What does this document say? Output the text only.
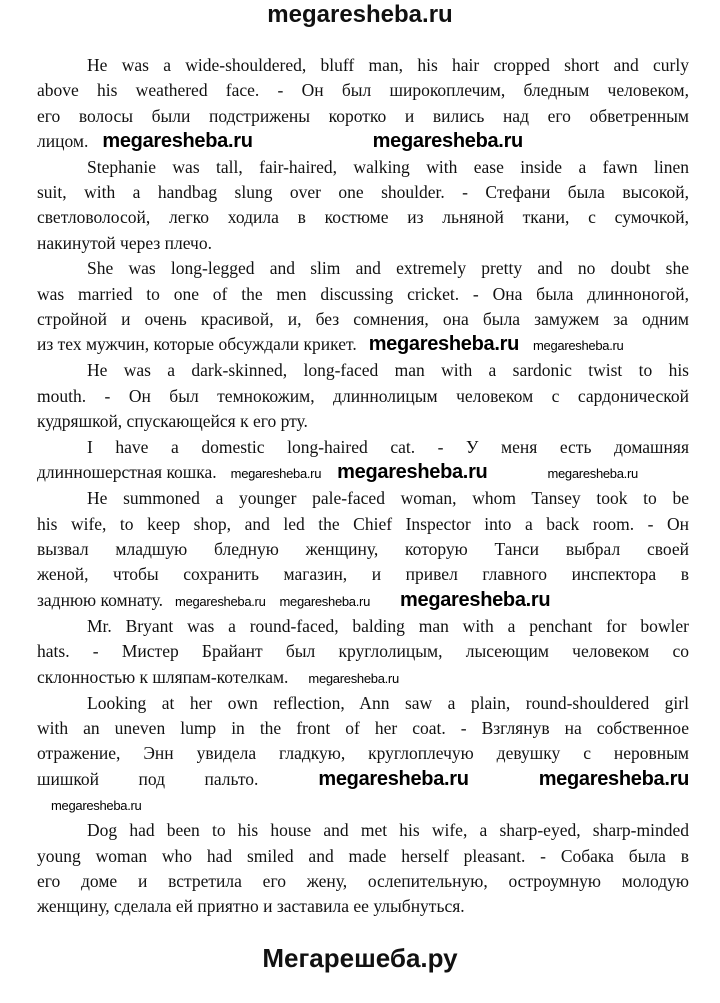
megaresheba.ru
He was a wide-shouldered, bluff man, his hair cropped short and curly
above his weathered face. - Он был широкоплечим, бледным человеком,
его волосы были подстрижены коротко и вились над его обветренным
лицом. megaresheba.ru	megaresheba.ru
Stephanie was tall, fair-haired, walking with ease inside a fawn linen
suit, with a handbag slung over one shoulder. - Стефани была высокой,
светловолосой, легко ходила в костюме из льняной ткани, с сумочкой,
накинутой через плечо.
She was long-legged and slim and extremely pretty and no doubt she
was married to one of the men discussing cricket. - Она была длинноногой,
стройной и очень красивой, и, без сомнения, она была замужем за одним
из тех мужчин, которые обсуждали крикет. megaresheba.ru megaresheba.ru
He was a dark-skinned, long-faced man with a sardonic twist to his
mouth. - Он был темнокожим, длиннолицым человеком с сардонической
кудряшкой, спускающейся к его рту.
I have a domestic long-haired cat. - У меня есть домашняя
длинношерстная кошка. megaresheba.ru megaresheba.ru	megaresheba.ru
He summoned a younger pale-faced woman, whom Tansey took to be
his wife, to keep shop, and led the Chief Inspector into a back room. - Он
вызвал младшую бледную женщину, которую Танси выбрал своей
женой, чтобы сохранить магазин, и привел главного инспектора в
заднюю комнату. megaresheba.ru megaresheba.ru megaresheba.ru
Mr. Bryant was a round-faced, balding man with a penchant for bowler
hats. - Мистер Брайант был круглолицым, лысеющим человеком со
склонностью к шляпам-котелкам. megaresheba.ru
Looking at her own reflection, Ann saw a plain, round-shouldered girl
with an uneven lump in the front of her coat. - Взглянув на собственное
отражение, Энн увидела гладкую, круглоплечую девушку с неровным
шишкой под пальто.	megaresheba.ru	megaresheba.rumegaresheba.ru
Dog had been to his house and met his wife, a sharp-eyed, sharp-minded
young woman who had smiled and made herself pleasant. - Собака была в
его доме и встретила его жену, ослепительную, остроумную молодую
женщину, сделала ей приятно и заставила ее улыбнуться.
Мегарешеба.ру
